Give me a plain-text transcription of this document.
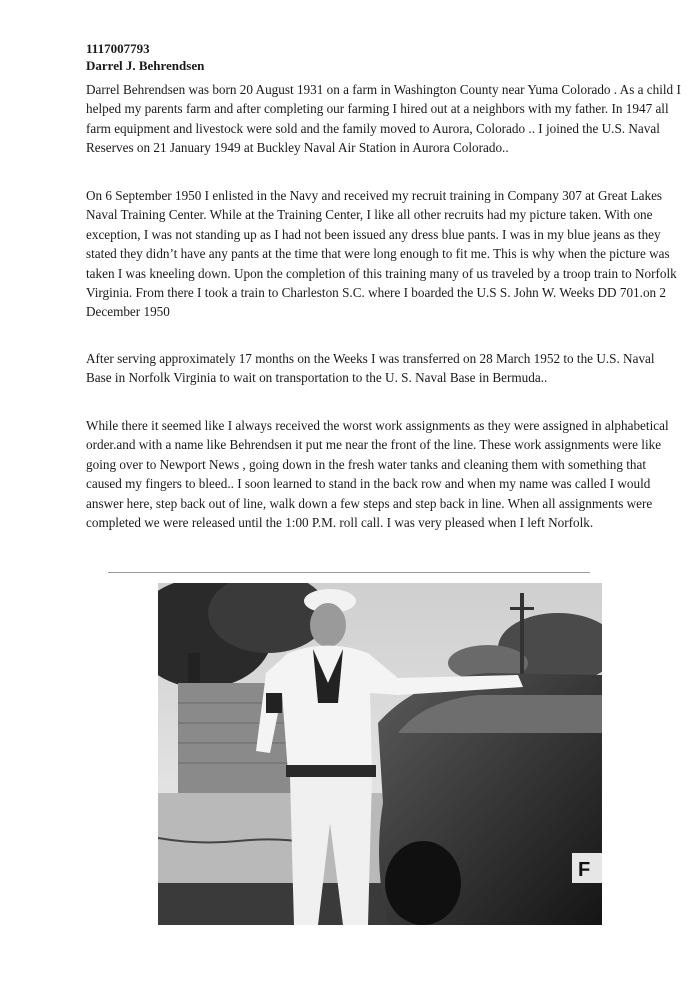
1117007793
Darrel J. Behrendsen

Darrel Behrendsen was born 20 August 1931 on a farm in Washington County near Yuma Colorado . As a child I helped my parents farm and after completing our farming I hired out at a neighbors with my father. In 1947 all farm equipment and livestock were sold and the family moved to Aurora, Colorado .. I joined the U.S. Naval Reserves on 21 January 1949 at Buckley Naval Air Station in Aurora Colorado..

On 6 September 1950 I enlisted in the Navy and received my recruit training in Company 307 at Great Lakes Naval Training Center. While at the Training Center, I like all other recruits had my picture taken. With one exception, I was not standing up as I had not been issued any dress blue pants. I was in my blue jeans as they stated they didn’t have any pants at the time that were long enough to fit me. This is why when the picture was taken I was kneeling down. Upon the completion of this training many of us traveled by a troop train to Norfolk Virginia. From there I took a train to Charleston S.C. where I boarded the U.S S. John W. Weeks DD 701.on 2 December 1950

After serving approximately 17 months on the Weeks I was transferred on 28 March 1952 to the U.S. Naval Base in Norfolk Virginia to wait on transportation to the U. S. Naval Base in Bermuda..

While there it seemed like I always received the worst work assignments as they were assigned in alphabetical order.and with a name like Behrendsen it put me near the front of the line. These work assignments were like going over to Newport News , going down in the fresh water tanks and cleaning them with something that caused my fingers to bleed.. I soon learned to stand in the back row and when my name was called I would answer here, step back out of line, walk down a few steps and step back in line. When all assignments were completed we were released until the 1:00 P.M. roll call. I was very pleased when I left Norfolk.

F
